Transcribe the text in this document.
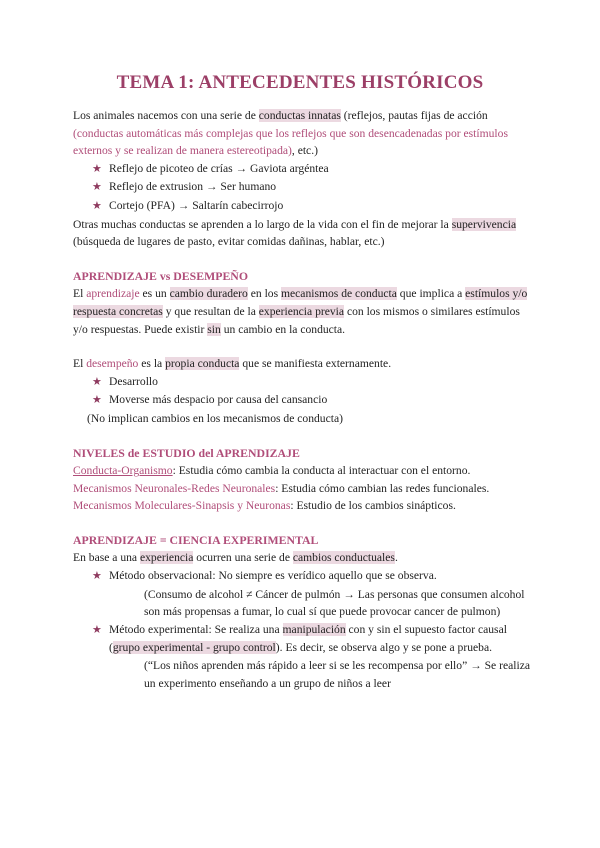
TEMA 1: ANTECEDENTES HISTÓRICOS

Los animales nacemos con una serie de conductas innatas (reflejos, pautas fijas de acción (conductas automáticas más complejas que los reflejos que son desencadenadas por estímulos externos y se realizan de manera estereotipada), etc.)

★ Reflejo de picoteo de crías → Gaviota argéntea

★ Reflejo de extrusion → Ser humano

★ Cortejo (PFA) → Saltarín cabecirrojo

Otras muchas conductas se aprenden a lo largo de la vida con el fin de mejorar la supervivencia (búsqueda de lugares de pasto, evitar comidas dañinas, hablar, etc.)

APRENDIZAJE vs DESEMPEÑO

El aprendizaje es un cambio duradero en los mecanismos de conducta que implica a estímulos y/o respuesta concretas y que resultan de la experiencia previa con los mismos o similares estímulos y/o respuestas. Puede existir sin un cambio en la conducta.

El desempeño es la propia conducta que se manifiesta externamente.

★ Desarrollo

★ Moverse más despacio por causa del cansancio

(No implican cambios en los mecanismos de conducta)

NIVELES de ESTUDIO del APRENDIZAJE

Conducta-Organismo: Estudia cómo cambia la conducta al interactuar con el entorno.

Mecanismos Neuronales-Redes Neuronales: Estudia cómo cambian las redes funcionales.

Mecanismos Moleculares-Sinapsis y Neuronas: Estudio de los cambios sinápticos.

APRENDIZAJE = CIENCIA EXPERIMENTAL

En base a una experiencia ocurren una serie de cambios conductuales.

★ Método observacional: No siempre es verídico aquello que se observa.

(Consumo de alcohol ≠ Cáncer de pulmón → Las personas que consumen alcohol son más propensas a fumar, lo cual sí que puede provocar cancer de pulmon)

★ Método experimental: Se realiza una manipulación con y sin el supuesto factor causal (grupo experimental - grupo control). Es decir, se observa algo y se pone a prueba.

(“Los niños aprenden más rápido a leer si se les recompensa por ello” → Se realiza un experimento enseñando a un grupo de niños a leer
